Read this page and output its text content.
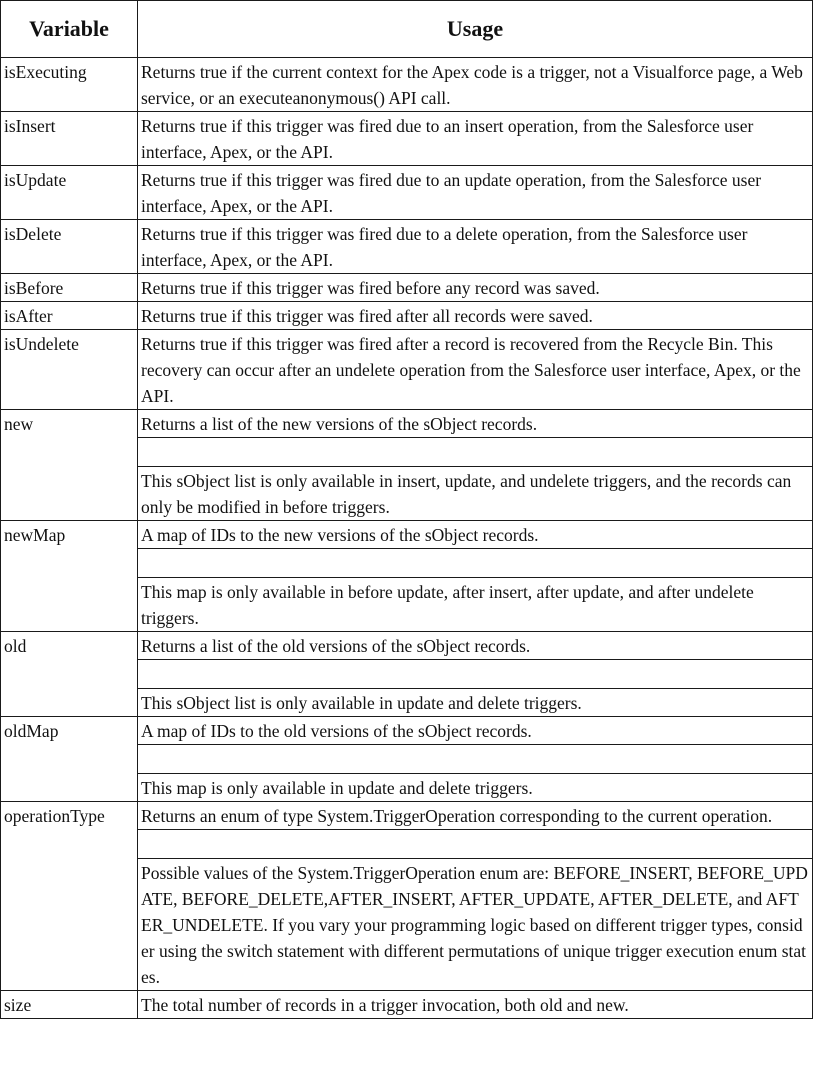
Variable	Usage
isExecuting	Returns true if the current context for the Apex code is a trigger, not a Visualforce page, a Web service, or an executeanonymous() API call.
isInsert	Returns true if this trigger was fired due to an insert operation, from the Salesforce user interface, Apex, or the API.
isUpdate	Returns true if this trigger was fired due to an update operation, from the Salesforce user interface, Apex, or the API.
isDelete	Returns true if this trigger was fired due to a delete operation, from the Salesforce user interface, Apex, or the API.
isBefore	Returns true if this trigger was fired before any record was saved.
isAfter	Returns true if this trigger was fired after all records were saved.
isUndelete	Returns true if this trigger was fired after a record is recovered from the Recycle Bin. This recovery can occur after an undelete operation from the Salesforce user interface, Apex, or the API.
new	Returns a list of the new versions of the sObject records.

	This sObject list is only available in insert, update, and undelete triggers, and the records can only be modified in before triggers.
newMap	A map of IDs to the new versions of the sObject records.

	This map is only available in before update, after insert, after update, and after undelete triggers.
old	Returns a list of the old versions of the sObject records.

	This sObject list is only available in update and delete triggers.
oldMap	A map of IDs to the old versions of the sObject records.

	This map is only available in update and delete triggers.
operationType	Returns an enum of type System.TriggerOperation corresponding to the current operation.

	Possible values of the System.TriggerOperation enum are: BEFORE_INSERT, BEFORE_UPDATE, BEFORE_DELETE,AFTER_INSERT, AFTER_UPDATE, AFTER_DELETE, and AFTER_UNDELETE. If you vary your programming logic based on different trigger types, consider using the switch statement with different permutations of unique trigger execution enum states.
size	The total number of records in a trigger invocation, both old and new.
